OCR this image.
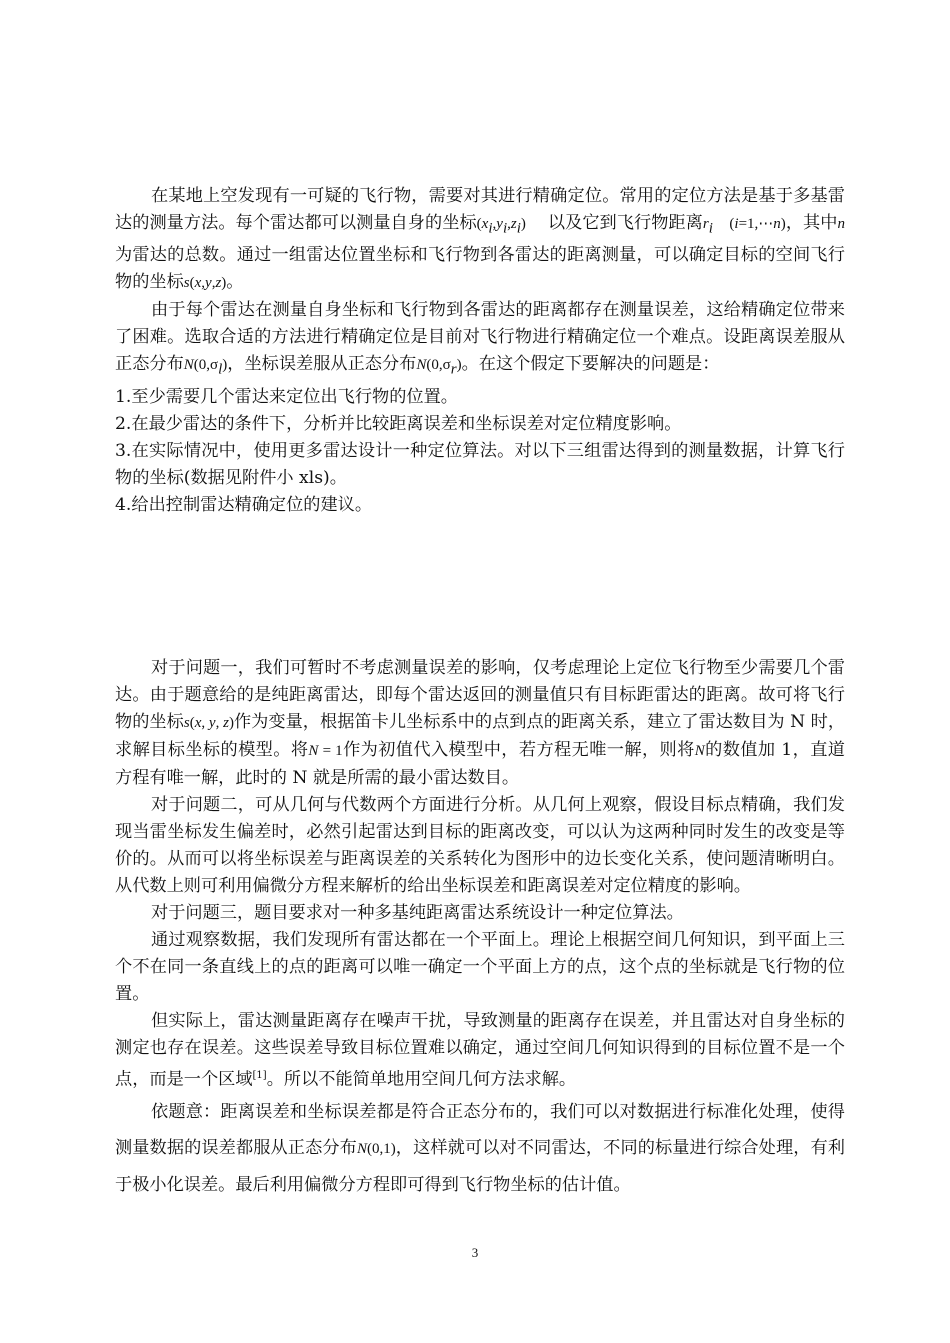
在某地上空发现有一可疑的飞行物，需要对其进行精确定位。常用的定位方法是基于多基雷达的测量方法。每个雷达都可以测量自身的坐标$(x_i,y_i,z_i)$ 以及它到飞行物距离$r_i$ (i=1,⋯n)，其中n为雷达的总数。通过一组雷达位置坐标和飞行物到各雷达的距离测量，可以确定目标的空间飞行物的坐标s(x,y,z)。

由于每个雷达在测量自身坐标和飞行物到各雷达的距离都存在测量误差，这给精确定位带来了困难。选取合适的方法进行精确定位是目前对飞行物进行精确定位一个难点。设距离误差服从正态分布$N(0,\sigma_l)$，坐标误差服从正态分布$N(0,\sigma_r)$。在这个假定下要解决的问题是：

1.至少需要几个雷达来定位出飞行物的位置。

2.在最少雷达的条件下，分析并比较距离误差和坐标误差对定位精度影响。

3.在实际情况中，使用更多雷达设计一种定位算法。对以下三组雷达得到的测量数据，计算飞行物的坐标(数据见附件小 xls)。

4.给出控制雷达精确定位的建议。

对于问题一，我们可暂时不考虑测量误差的影响，仅考虑理论上定位飞行物至少需要几个雷达。由于题意给的是纯距离雷达，即每个雷达返回的测量值只有目标距雷达的距离。故可将飞行物的坐标s(x, y, z)作为变量，根据笛卡儿坐标系中的点到点的距离关系，建立了雷达数目为 N 时，求解目标坐标的模型。将N = 1作为初值代入模型中，若方程无唯一解，则将N的数值加 1，直道方程有唯一解，此时的 N 就是所需的最小雷达数目。

对于问题二，可从几何与代数两个方面进行分析。从几何上观察，假设目标点精确，我们发现当雷坐标发生偏差时，必然引起雷达到目标的距离改变，可以认为这两种同时发生的改变是等价的。从而可以将坐标误差与距离误差的关系转化为图形中的边长变化关系，使问题清晰明白。从代数上则可利用偏微分方程来解析的给出坐标误差和距离误差对定位精度的影响。

对于问题三，题目要求对一种多基纯距离雷达系统设计一种定位算法。

通过观察数据，我们发现所有雷达都在一个平面上。理论上根据空间几何知识，到平面上三个不在同一条直线上的点的距离可以唯一确定一个平面上方的点，这个点的坐标就是飞行物的位置。

但实际上，雷达测量距离存在噪声干扰，导致测量的距离存在误差，并且雷达对自身坐标的测定也存在误差。这些误差导致目标位置难以确定，通过空间几何知识得到的目标位置不是一个点，而是一个区域[1]。所以不能简单地用空间几何方法求解。

依题意：距离误差和坐标误差都是符合正态分布的，我们可以对数据进行标准化处理，使得测量数据的误差都服从正态分布N(0,1)，这样就可以对不同雷达，不同的标量进行综合处理，有利于极小化误差。最后利用偏微分方程即可得到飞行物坐标的估计值。

3
